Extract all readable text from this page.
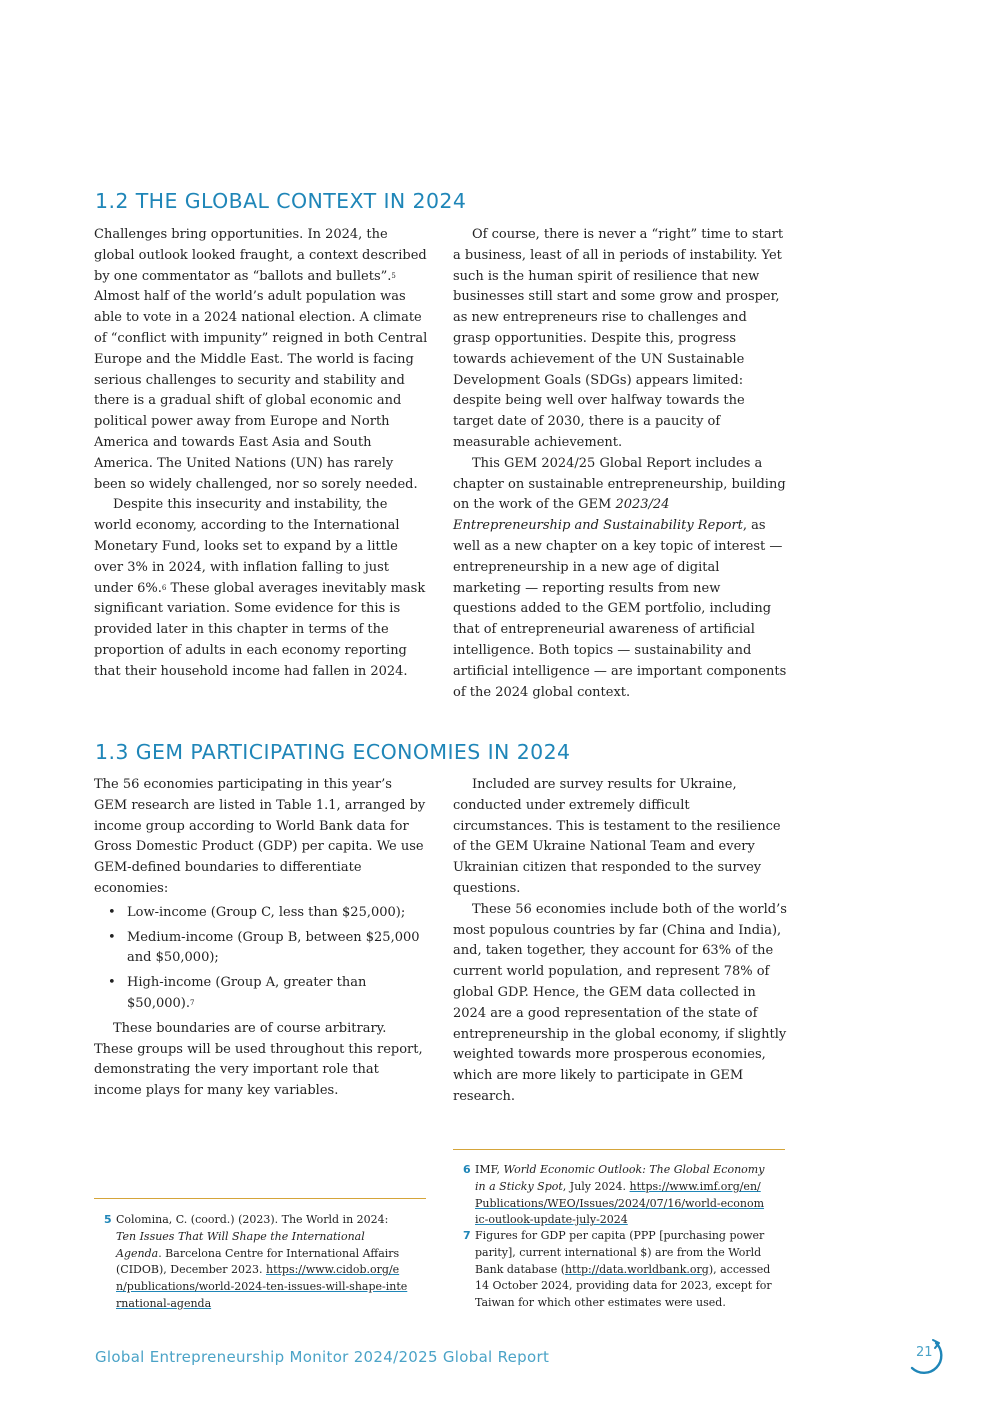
1.2 THE GLOBAL CONTEXT IN 2024

Challenges bring opportunities. In 2024, the global outlook looked fraught, a context described by one commentator as “ballots and bullets”.$^5$ Almost half of the world’s adult population was able to vote in a 2024 national election. A climate of “conflict with impunity” reigned in both Central Europe and the Middle East. The world is facing serious challenges to security and stability and there is a gradual shift of global economic and political power away from Europe and North America and towards East Asia and South America. The United Nations (UN) has rarely been so widely challenged, nor so sorely needed.

Despite this insecurity and instability, the world economy, according to the International Monetary Fund, looks set to expand by a little over 3% in 2024, with inflation falling to just under 6%.$^6$ These global averages inevitably mask significant variation. Some evidence for this is provided later in this chapter in terms of the proportion of adults in each economy reporting that their household income had fallen in 2024.

Of course, there is never a “right” time to start a business, least of all in periods of instability. Yet such is the human spirit of resilience that new businesses still start and some grow and prosper, as new entrepreneurs rise to challenges and grasp opportunities. Despite this, progress towards achievement of the UN Sustainable Development Goals (SDGs) appears limited: despite being well over halfway towards the target date of 2030, there is a paucity of measurable achievement.

This GEM 2024/25 Global Report includes a chapter on sustainable entrepreneurship, building on the work of the GEM 2023/24 Entrepreneurship and Sustainability Report, as well as a new chapter on a key topic of interest — entrepreneurship in a new age of digital marketing — reporting results from new questions added to the GEM portfolio, including that of entrepreneurial awareness of artificial intelligence. Both topics — sustainability and artificial intelligence — are important components of the 2024 global context.

1.3 GEM PARTICIPATING ECONOMIES IN 2024

The 56 economies participating in this year’s GEM research are listed in Table 1.1, arranged by income group according to World Bank data for Gross Domestic Product (GDP) per capita. We use GEM-defined boundaries to differentiate economies:

• Low-income (Group C, less than $25,000);
• Medium-income (Group B, between $25,000 and $50,000);
• High-income (Group A, greater than $50,000).$^7$

These boundaries are of course arbitrary. These groups will be used throughout this report, demonstrating the very important role that income plays for many key variables.

Included are survey results for Ukraine, conducted under extremely difficult circumstances. This is testament to the resilience of the GEM Ukraine National Team and every Ukrainian citizen that responded to the survey questions.

These 56 economies include both of the world’s most populous countries by far (China and India), and, taken together, they account for 63% of the current world population, and represent 78% of global GDP. Hence, the GEM data collected in 2024 are a good representation of the state of entrepreneurship in the global economy, if slightly weighted towards more prosperous economies, which are more likely to participate in GEM research.

5 Colomina, C. (coord.) (2023). The World in 2024: Ten Issues That Will Shape the International Agenda. Barcelona Centre for International Affairs (CIDOB), December 2023. https://www.cidob.org/en/publications/world-2024-ten-issues-will-shape-international-agenda
6 IMF, World Economic Outlook: The Global Economy in a Sticky Spot, July 2024. https://www.imf.org/en/Publications/WEO/Issues/2024/07/16/world-economic-outlook-update-july-2024
7 Figures for GDP per capita (PPP [purchasing power parity], current international $) are from the World Bank database (http://data.worldbank.org), accessed 14 October 2024, providing data for 2023, except for Taiwan for which other estimates were used.

Global Entrepreneurship Monitor 2024/2025 Global Report	21
